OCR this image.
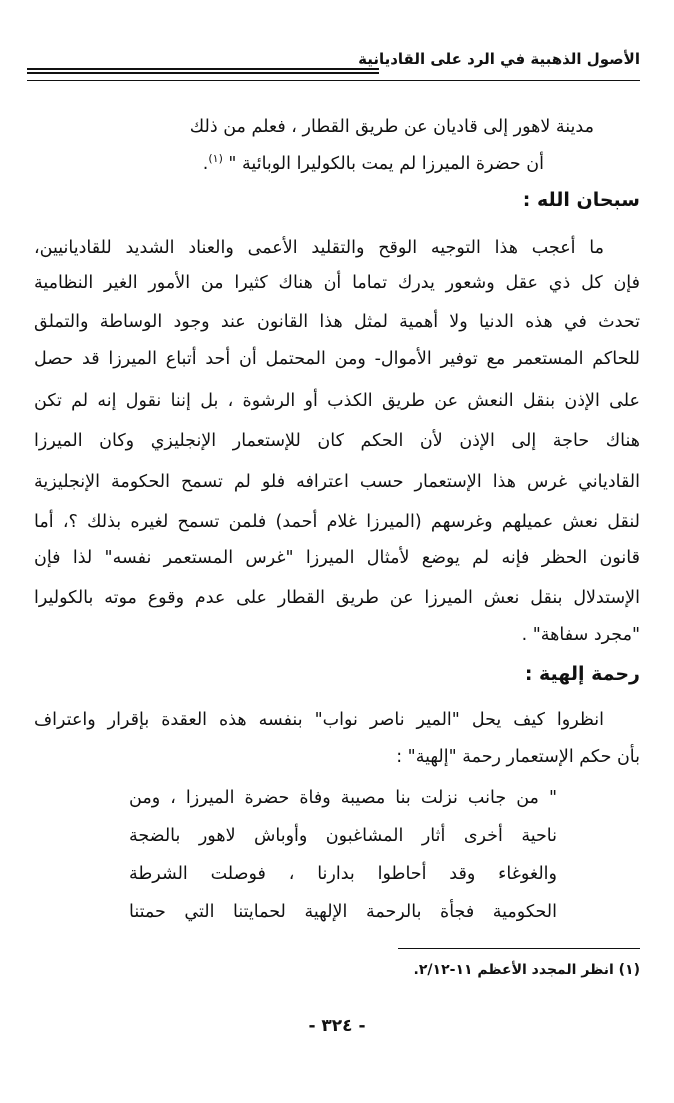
الأصول الذهبية في الرد على القاديانية
مدينة لاهور إلى قاديان عن طريق القطار ، فعلم من ذلك
أن حضرة الميرزا لم يمت بالكوليرا الوبائية " $^{(١)}$.
سبحان الله :
ما أعجب هذا التوجيه الوقح والتقليد الأعمى والعناد الشديد للقاديانيين،
فإن كل ذي عقل وشعور يدرك تماما أن هناك كثيرا من الأمور الغير النظامية
تحدث في هذه الدنيا ولا أهمية لمثل هذا القانون عند وجود الوساطة والتملق
للحاكم المستعمر مع توفير الأموال- ومن المحتمل أن أحد أتباع الميرزا قد حصل
على الإذن بنقل النعش عن طريق الكذب أو الرشوة ، بل إننا نقول إنه لم تكن
هناك حاجة إلى الإذن لأن الحكم كان للإستعمار الإنجليزي وكان الميرزا
القادياني غرس هذا الإستعمار حسب اعترافه فلو لم تسمح الحكومة الإنجليزية
لنقل نعش عميلهم وغرسهم (الميرزا غلام أحمد) فلمن تسمح لغيره بذلك ؟، أما
قانون الحظر فإنه لم يوضع لأمثال الميرزا "غرس المستعمر نفسه" لذا فإن
الإستدلال بنقل نعش الميرزا عن طريق القطار على عدم وقوع موته بالكوليرا
"مجرد سفاهة" .
رحمة إلهية :
انظروا كيف يحل "المير ناصر نواب" بنفسه هذه العقدة بإقرار واعتراف
بأن حكم الإستعمار رحمة "إلهية" :
" من جانب نزلت بنا مصيبة وفاة حضرة الميرزا ، ومن
ناحية أخرى أثار المشاغبون وأوباش لاهور بالضجة
والغوغاء وقد أحاطوا بدارنا ، فوصلت الشرطة
الحكومية فجأة بالرحمة الإلهية لحمايتنا التي حمتنا
(١) انظر المجدد الأعظم ١١-٢/١٢.
- ٣٢٤ -
